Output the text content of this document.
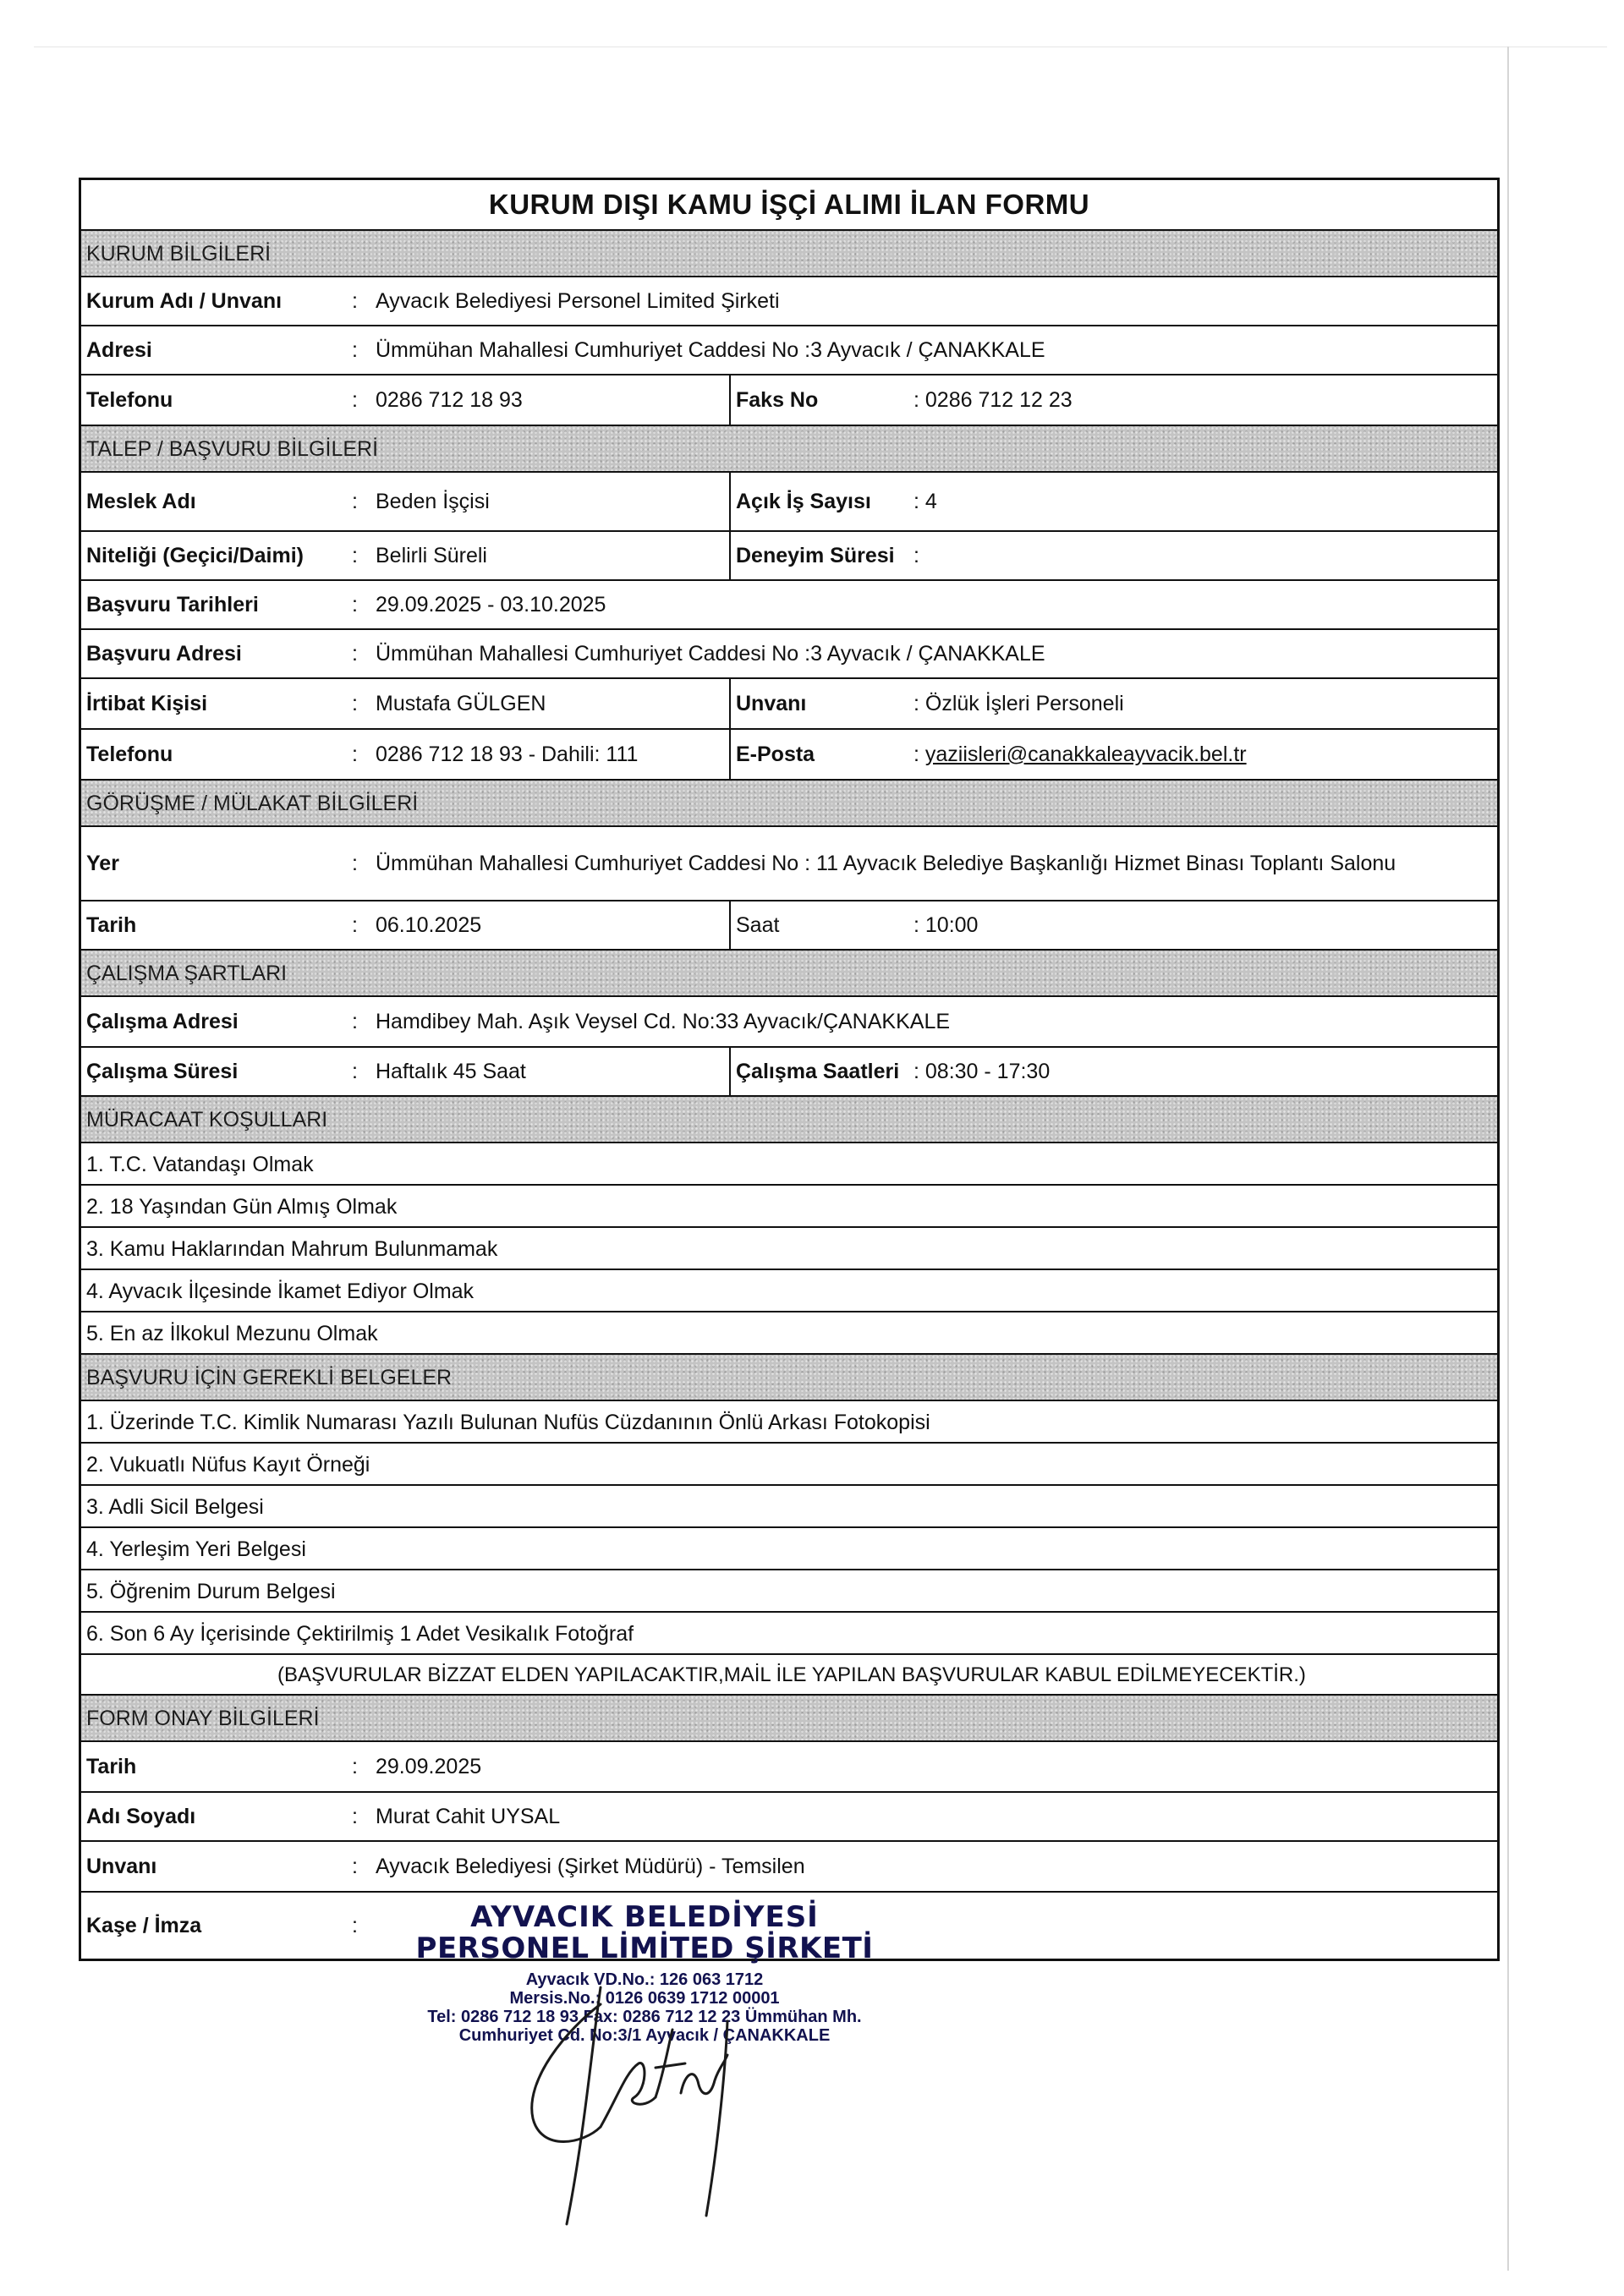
KURUM DIŞI KAMU İŞÇİ ALIMI İLAN FORMU
KURUM BİLGİLERİ
Kurum Adı / Unvanı	: Ayvacık Belediyesi Personel Limited Şirketi
Adresi	: Ümmühan Mahallesi Cumhuriyet Caddesi No :3 Ayvacık / ÇANAKKALE
Telefonu	: 0286 712 18 93	Faks No	: 0286 712 12 23
TALEP / BAŞVURU BİLGİLERİ
Meslek Adı	: Beden İşçisi	Açık İş Sayısı	: 4
Niteliği (Geçici/Daimi)	: Belirli Süreli	Deneyim Süresi :
Başvuru Tarihleri	: 29.09.2025 - 03.10.2025
Başvuru Adresi	: Ümmühan Mahallesi Cumhuriyet Caddesi No :3 Ayvacık / ÇANAKKALE
İrtibat Kişisi	: Mustafa GÜLGEN	Unvanı	: Özlük İşleri Personeli
Telefonu	: 0286 712 18 93 - Dahili: 111	E-Posta	: yaziisleri@canakkaleayvacik.bel.tr
GÖRÜŞME / MÜLAKAT BİLGİLERİ
Yer	: Ümmühan Mahallesi Cumhuriyet Caddesi No : 11 Ayvacık Belediye Başkanlığı Hizmet Binası Toplantı Salonu
Tarih	: 06.10.2025	Saat	: 10:00
ÇALIŞMA ŞARTLARI
Çalışma Adresi	: Hamdibey Mah. Aşık Veysel Cd. No:33 Ayvacık/ÇANAKKALE
Çalışma Süresi	: Haftalık 45 Saat	Çalışma Saatleri : 08:30 - 17:30
MÜRACAAT KOŞULLARI
1. T.C. Vatandaşı Olmak
2. 18 Yaşından Gün Almış Olmak
3. Kamu Haklarından Mahrum Bulunmamak
4. Ayvacık İlçesinde İkamet Ediyor Olmak
5. En az İlkokul Mezunu Olmak
BAŞVURU İÇİN GEREKLİ BELGELER
1. Üzerinde T.C. Kimlik Numarası Yazılı Bulunan Nufüs Cüzdanının Önlü Arkası Fotokopisi
2. Vukuatlı Nüfus Kayıt Örneği
3. Adli Sicil Belgesi
4. Yerleşim Yeri Belgesi
5. Öğrenim Durum Belgesi
6. Son 6 Ay İçerisinde Çektirilmiş 1 Adet Vesikalık Fotoğraf
(BAŞVURULAR BİZZAT ELDEN YAPILACAKTIR,MAİL İLE YAPILAN BAŞVURULAR KABUL EDİLMEYECEKTİR.)
FORM ONAY BİLGİLERİ
Tarih	: 29.09.2025
Adı Soyadı	: Murat Cahit UYSAL
Unvanı	: Ayvacık Belediyesi (Şirket Müdürü) - Temsilen
Kaşe / İmza	:	AYVACIK BELEDİYESİ
PERSONEL LİMİTED ŞİRKETİ
Ayvacık VD.No.: 126 063 1712
Mersis.No.: 0126 0639 1712 00001
Tel: 0286 712 18 93 Fax: 0286 712 12 23 Ümmühan Mh.
Cumhuriyet Cd. No:3/1 Ayvacık / ÇANAKKALE
